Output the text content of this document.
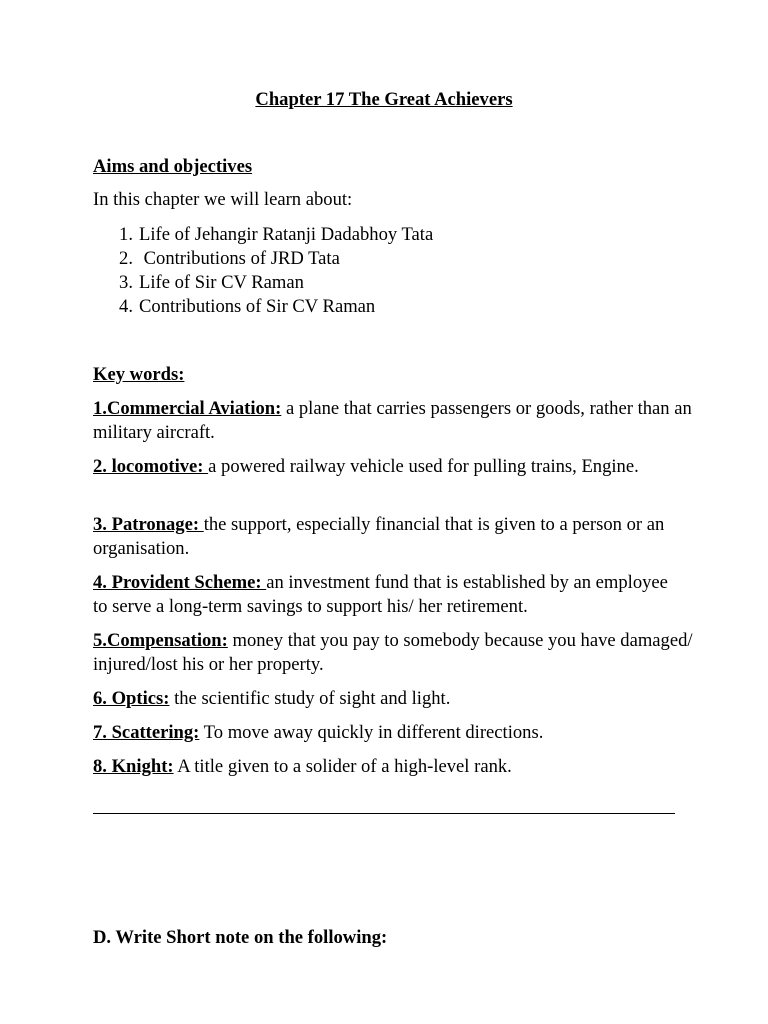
Chapter 17 The Great Achievers
Aims and objectives
In this chapter we will learn about:
1. Life of Jehangir Ratanji Dadabhoy Tata
2. Contributions of JRD Tata
3. Life of Sir CV Raman
4. Contributions of Sir CV Raman
Key words:
1.Commercial Aviation: a plane that carries passengers or goods, rather than an military aircraft.
2. locomotive: a powered railway vehicle used for pulling trains, Engine.
3. Patronage: the support, especially financial that is given to a person or an organisation.
4. Provident Scheme: an investment fund that is established by an employee to serve a long-term savings to support his/ her retirement.
5.Compensation: money that you pay to somebody because you have damaged/ injured/lost his or her property.
6. Optics: the scientific study of sight and light.
7. Scattering: To move away quickly in different directions.
8. Knight: A title given to a solider of a high-level rank.
D. Write Short note on the following:
